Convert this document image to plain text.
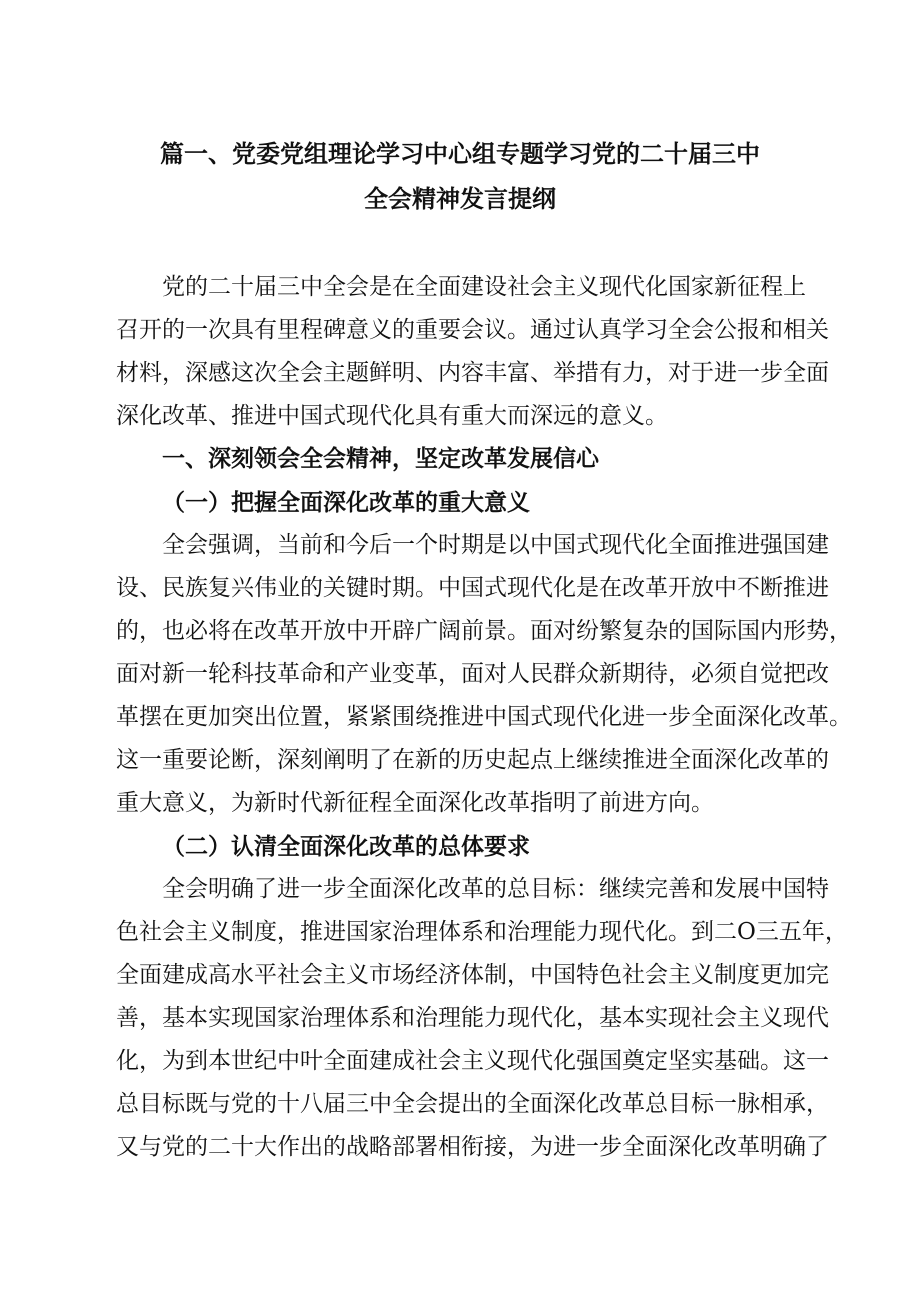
篇一、党委党组理论学习中心组专题学习党的二十届三中
全会精神发言提纲

党的二十届三中全会是在全面建设社会主义现代化国家新征程上

召开的一次具有里程碑意义的重要会议。通过认真学习全会公报和相关

材料，深感这次全会主题鲜明、内容丰富、举措有力，对于进一步全面

深化改革、推进中国式现代化具有重大而深远的意义。

一、深刻领会全会精神，坚定改革发展信心
（一）把握全面深化改革的重大意义

全会强调，当前和今后一个时期是以中国式现代化全面推进强国建

设、民族复兴伟业的关键时期。中国式现代化是在改革开放中不断推进

的，也必将在改革开放中开辟广阔前景。面对纷繁复杂的国际国内形势，

面对新一轮科技革命和产业变革，面对人民群众新期待，必须自觉把改

革摆在更加突出位置，紧紧围绕推进中国式现代化进一步全面深化改革。

这一重要论断，深刻阐明了在新的历史起点上继续推进全面深化改革的

重大意义，为新时代新征程全面深化改革指明了前进方向。

（二）认清全面深化改革的总体要求

全会明确了进一步全面深化改革的总目标：继续完善和发展中国特

色社会主义制度，推进国家治理体系和治理能力现代化。到二O三五年，

全面建成高水平社会主义市场经济体制，中国特色社会主义制度更加完

善，基本实现国家治理体系和治理能力现代化，基本实现社会主义现代

化，为到本世纪中叶全面建成社会主义现代化强国奠定坚实基础。这一

总目标既与党的十八届三中全会提出的全面深化改革总目标一脉相承，

又与党的二十大作出的战略部署相衔接，为进一步全面深化改革明确了
